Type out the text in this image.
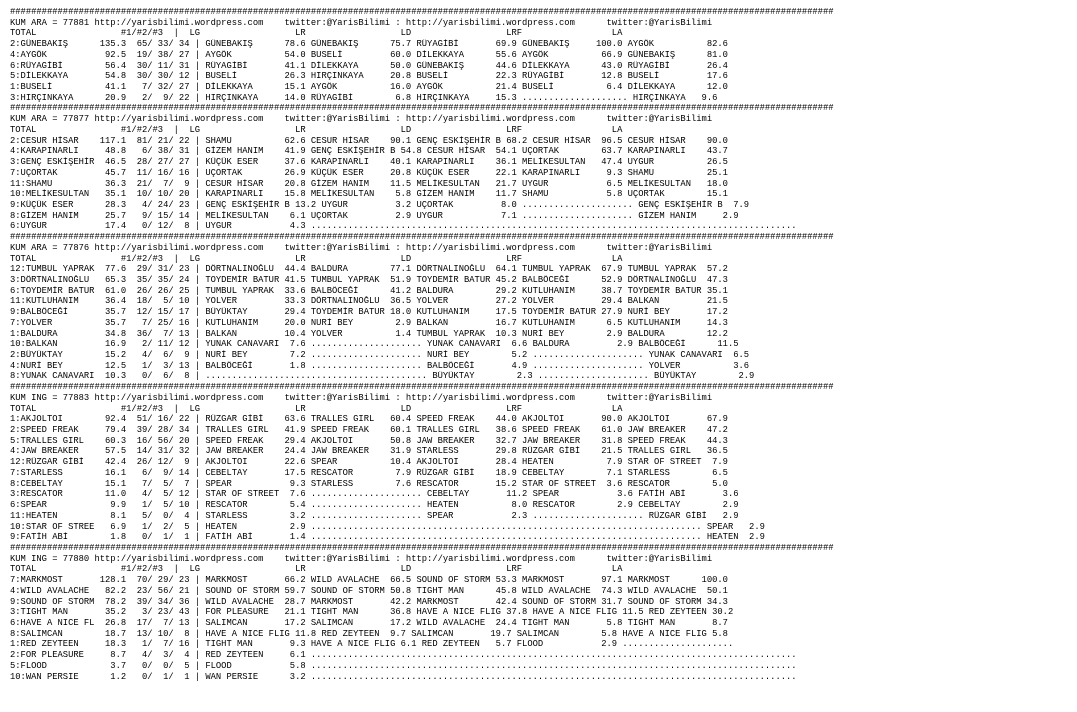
############################################################################################################################################################
KUM ARA = 77881 http://yarisbilimi.wordpress.com    twitter:@YarisBilimi : http://yarisbilimi.wordpress.com      twitter:@YarisBilimi
TOTAL                #1/#2/#3  |  LG                  LR                  LD                  LRF                 LA
2:GÜNEBAKIŞ      135.3  65/ 33/ 34 | GÜNEBAKIŞ      78.6 GÜNEBAKIŞ      75.7 RÜYAGİBİ       69.9 GÜNEBAKIŞ     100.0 AYGÖK          82.6
4:AYGÖK           92.5  19/ 38/ 27 | AYGÖK          54.0 BUSELİ         60.0 DİLEKKAYA      55.6 AYGÖK          66.9 GÜNEBAKIŞ      81.0
6:RÜYAGİBİ        56.4  30/ 11/ 31 | RÜYAGİBİ       41.1 DİLEKKAYA      50.0 GÜNEBAKIŞ      44.6 DİLEKKAYA      43.0 RÜYAGİBİ       26.4
5:DİLEKKAYA       54.8  30/ 30/ 12 | BUSELİ         26.3 HIRÇINKAYA     20.8 BUSELİ         22.3 RÜYAGİBİ       12.8 BUSELİ         17.6
1:BUSELİ          41.1   7/ 32/ 27 | DİLEKKAYA      15.1 AYGÖK          16.0 AYGÖK          21.4 BUSELİ          6.4 DİLEKKAYA      12.0
3:HIRÇINKAYA      20.9   2/  9/ 22 | HIRÇINKAYA     14.0 RÜYAGİBİ        6.8 HIRÇINKAYA     15.3 .................... HIRÇINKAYA   9.6
############################################################################################################################################################
KUM ARA = 77877 http://yarisbilimi.wordpress.com    twitter:@YarisBilimi : http://yarisbilimi.wordpress.com      twitter:@YarisBilimi
TOTAL                #1/#2/#3  |  LG                  LR                  LD                  LRF                 LA
2:CESUR HİSAR    117.1  81/ 21/ 22 | SHAMU          62.6 CESUR HİSAR    90.1 GENÇ ESKİŞEHİR B 68.2 CESUR HİSAR  96.5 CESUR HİSAR    90.0
4:KARAPINARLI     48.8   6/ 38/ 31 | GİZEM HANIM    41.9 GENÇ ESKİŞEHİR B 54.8 CESUR HİSAR  54.1 UÇORTAK        63.7 KARAPINARLI    43.7
3:GENÇ ESKİŞEHİR  46.5  28/ 27/ 27 | KÜÇÜK ESER     37.6 KARAPINARLI    40.1 KARAPINARLI    36.1 MELİKESULTAN   47.4 UYGUR          26.5
7:UÇORTAK         45.7  11/ 16/ 16 | UÇORTAK        26.9 KÜÇÜK ESER     20.8 KÜÇÜK ESER     22.1 KARAPINARLI     9.3 SHAMU          25.1
11:SHAMU          36.3  21/  7/  9 | CESUR HİSAR    20.8 GİZEM HANIM    11.5 MELİKESULTAN   21.7 UYGUR           6.5 MELİKESULTAN   18.0
10:MELİKESULTAN   35.1  10/ 10/ 20 | KARAPINARLI    15.8 MELİKESULTAN    5.8 GİZEM HANIM    11.7 SHAMU           5.8 UÇORTAK        15.1
9:KÜÇÜK ESER      28.3   4/ 24/ 23 | GENÇ ESKİŞEHİR B 13.2 UYGUR         3.2 UÇORTAK         8.0 ..................... GENÇ ESKİŞEHİR B  7.9
8:GİZEM HANIM     25.7   9/ 15/ 14 | MELİKESULTAN    6.1 UÇORTAK         2.9 UYGUR           7.1 ..................... GİZEM HANIM     2.9
6:UYGUR           17.4   0/ 12/  8 | UYGUR           4.3 ............................................................................................
############################################################################################################################################################
KUM ARA = 77876 http://yarisbilimi.wordpress.com    twitter:@YarisBilimi : http://yarisbilimi.wordpress.com      twitter:@YarisBilimi
TOTAL                #1/#2/#3  |  LG                  LR                  LD                  LRF                 LA
12:TUMBUL YAPRAK  77.6  29/ 31/ 23 | DÖRTNALINOĞLU  44.4 BALDURA        77.1 DÖRTNALINOĞLU  64.1 TUMBUL YAPRAK  67.9 TUMBUL YAPRAK  57.2
3:DÖRTNALINOĞLU   65.3  35/ 35/ 24 | TOYDEMİR BATUR 41.5 TUMBUL YAPRAK  51.9 TOYDEMİR BATUR 45.2 BALBÖCEĞİ      52.9 DÖRTNALINOĞLU  47.3
6:TOYDEMİR BATUR  61.0  26/ 26/ 25 | TUMBUL YAPRAK  33.6 BALBÖCEĞİ      41.2 BALDURA        29.2 KUTLUHANIM     38.7 TOYDEMİR BATUR 35.1
11:KUTLUHANIM     36.4  18/  5/ 10 | YOLVER         33.3 DÖRTNALINOĞLU  36.5 YOLVER         27.2 YOLVER         29.4 BALKAN         21.5
9:BALBÖCEĞİ       35.7  12/ 15/ 17 | BÜYÜKTAY       29.4 TOYDEMİR BATUR 18.0 KUTLUHANIM     17.5 TOYDEMİR BATUR 27.9 NURİ BEY       17.2
7:YOLVER          35.7   7/ 25/ 16 | KUTLUHANIM     20.0 NURİ BEY        2.9 BALKAN         16.7 KUTLUHANIM      6.5 KUTLUHANIM     14.3
1:BALDURA         34.8  36/  7/ 13 | BALKAN         10.4 YOLVER          1.4 TUMBUL YAPRAK  10.3 NURİ BEY        2.9 BALDURA        12.2
10:BALKAN         16.9   2/ 11/ 12 | YUNAK CANAVARI  7.6 ..................... YUNAK CANAVARI  6.6 BALDURA         2.9 BALBÖCEĞİ      11.5
2:BÜYÜKTAY        15.2   4/  6/  9 | NURİ BEY        7.2 ..................... NURİ BEY        5.2 ..................... YUNAK CANAVARI  6.5
4:NURİ BEY        12.5   1/  3/ 13 | BALBÖCEĞİ       1.8 ..................... BALBÖCEĞİ       4.9 ..................... YOLVER          3.6
8:YUNAK CANAVARI  10.3   0/  6/  8 | .......................................... BÜYÜKTAY        2.3 ..................... BÜYÜKTAY        2.9
############################################################################################################################################################
KUM ING = 77883 http://yarisbilimi.wordpress.com    twitter:@YarisBilimi : http://yarisbilimi.wordpress.com      twitter:@YarisBilimi
TOTAL                #1/#2/#3  |  LG                  LR                  LD                  LRF                 LA
1:AKJOLTOI        92.4  51/ 16/ 22 | RÜZGAR GİBİ    63.6 TRALLES GIRL   60.4 SPEED FREAK    44.0 AKJOLTOI       90.0 AKJOLTOI       67.9
2:SPEED FREAK     79.4  39/ 28/ 34 | TRALLES GIRL   41.9 SPEED FREAK    60.1 TRALLES GIRL   38.6 SPEED FREAK    61.0 JAW BREAKER    47.2
5:TRALLES GIRL    60.3  16/ 56/ 20 | SPEED FREAK    29.4 AKJOLTOI       50.8 JAW BREAKER    32.7 JAW BREAKER    31.8 SPEED FREAK    44.3
4:JAW BREAKER     57.5  14/ 31/ 32 | JAW BREAKER    24.4 JAW BREAKER    31.9 STARLESS       29.8 RÜZGAR GİBİ    21.5 TRALLES GIRL   36.5
12:RÜZGAR GİBİ    42.4  26/ 12/  9 | AKJOLTOI       22.6 SPEAR          10.4 AKJOLTOI       28.4 HEATEN          7.9 STAR OF STREET  7.9
7:STARLESS        16.1   6/  9/ 14 | CEBELTAY       17.5 RESCATOR        7.9 RÜZGAR GİBİ    18.9 CEBELTAY        7.1 STARLESS        6.5
8:CEBELTAY        15.1   7/  5/  7 | SPEAR           9.3 STARLESS        7.6 RESCATOR       15.2 STAR OF STREET  3.6 RESCATOR        5.0
3:RESCATOR        11.0   4/  5/ 12 | STAR OF STREET  7.6 ..................... CEBELTAY       11.2 SPEAR           3.6 FATİH ABİ       3.6
6:SPEAR            9.9   1/  5/ 10 | RESCATOR        5.4 ..................... HEATEN          8.0 RESCATOR        2.9 CEBELTAY        2.9
11:HEATEN          8.1   5/  0/  4 | STARLESS        3.2 ..................... SPEAR           2.3 ..................... RÜZGAR GİBİ   2.9
10:STAR OF STREE   6.9   1/  2/  5 | HEATEN          2.9 .......................................................................... SPEAR   2.9
9:FATİH ABİ        1.8   0/  1/  1 | FATİH ABİ       1.4 .......................................................................... HEATEN  2.9
############################################################################################################################################################
KUM ING = 77880 http://yarisbilimi.wordpress.com    twitter:@YarisBilimi : http://yarisbilimi.wordpress.com      twitter:@YarisBilimi
TOTAL                #1/#2/#3  |  LG                  LR                  LD                  LRF                 LA
7:MARKMOST       128.1  70/ 29/ 23 | MARKMOST       66.2 WILD AVALACHE  66.5 SOUND OF STORM 53.3 MARKMOST       97.1 MARKMOST      100.0
4:WILD AVALACHE   82.2  23/ 56/ 21 | SOUND OF STORM 59.7 SOUND OF STORM 50.8 TIGHT MAN      45.8 WILD AVALACHE  74.3 WILD AVALACHE  50.1
9:SOUND OF STORM  78.2  39/ 34/ 36 | WILD AVALACHE  28.7 MARKMOST       42.2 MARKMOST       42.4 SOUND OF STORM 31.7 SOUND OF STORM 34.3
3:TIGHT MAN       35.2   3/ 23/ 43 | FOR PLEASURE   21.1 TIGHT MAN      36.8 HAVE A NICE FLIG 37.8 HAVE A NICE FLIG 11.5 RED ZEYTEEN 30.2
6:HAVE A NICE FL  26.8  17/  7/ 13 | SALIMCAN       17.2 SALIMCAN       17.2 WILD AVALACHE  24.4 TIGHT MAN       5.8 TIGHT MAN       8.7
8:SALIMCAN        18.7  13/ 10/  8 | HAVE A NICE FLIG 11.8 RED ZEYTEEN  9.7 SALIMCAN       19.7 SALIMCAN        5.8 HAVE A NICE FLIG 5.8
1:RED ZEYTEEN     18.3   1/  7/ 16 | TIGHT MAN       9.3 HAVE A NICE FLIG 6.1 RED ZEYTEEN   5.7 FLOOD           2.9 .....................
2:FOR PLEASURE     8.7   4/  3/  4 | RED ZEYTEEN     6.1 ............................................................................................
5:FLOOD            3.7   0/  0/  5 | FLOOD           5.8 ............................................................................................
10:WAN PERSIE      1.2   0/  1/  1 | WAN PERSIE      3.2 ............................................................................................
